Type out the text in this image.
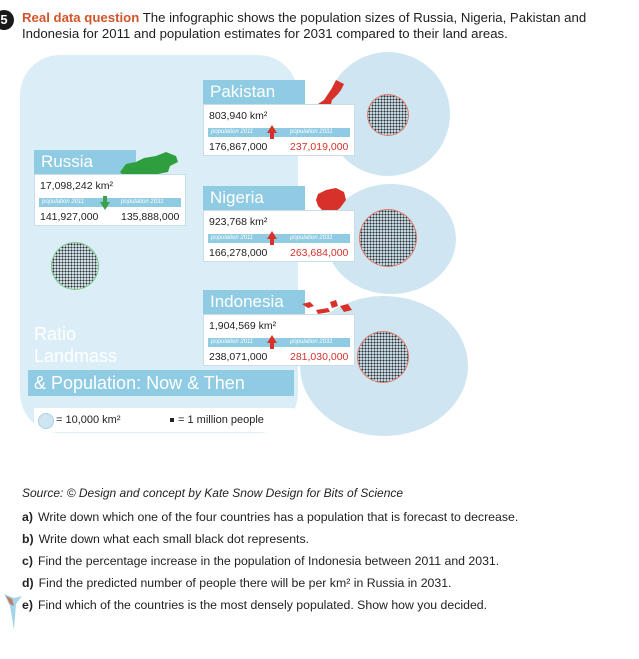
5	Real data question The infographic shows the population sizes of Russia, Nigeria, Pakistan and Indonesia for 2011 and population estimates for 2031 compared to their land areas.
Pakistan
803,940 km²
population 2011	population 2031
176,867,000 237,019,000
Russia
17,098,242 km²
population 2011	population 2031
141,927,000 135,888,000
Nigeria
923,768 km²
population 2011	population 2031
166,278,000 263,684,000
Indonesia
1,904,569 km²
population 2011	population 2031
238,071,000 281,030,000
Ratio
Landmass
& Population: Now & Then
= 10,000 km²	= 1 million people
Source: © Design and concept by Kate Snow Design for Bits of Science
a) Write down which one of the four countries has a population that is forecast to decrease.
b) Write down what each small black dot represents.
c) Find the percentage increase in the population of Indonesia between 2011 and 2031.
d) Find the predicted number of people there will be per km² in Russia in 2031.
e) Find which of the countries is the most densely populated. Show how you decided.
